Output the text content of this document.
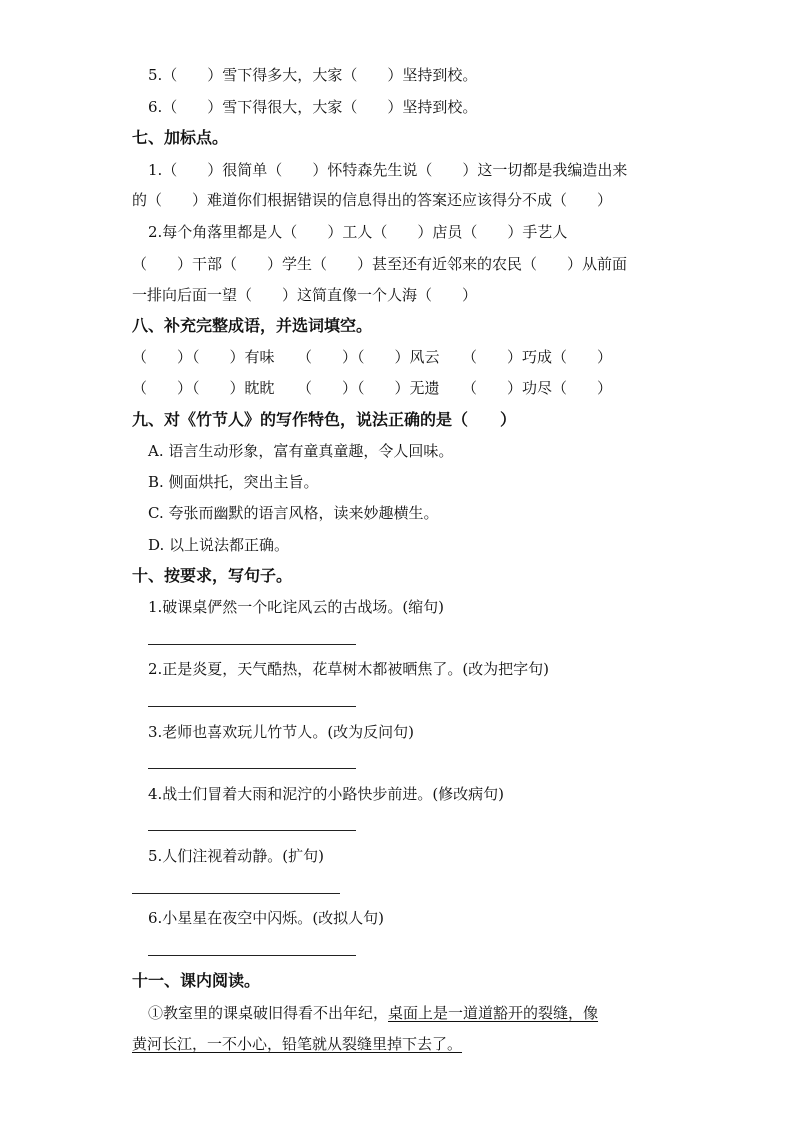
5.（　　）雪下得多大，大家（　　）坚持到校。
6.（　　）雪下得很大，大家（　　）坚持到校。
七、加标点。
1.（　　）很简单（　　）怀特森先生说（　　）这一切都是我编造出来
的（　　）难道你们根据错误的信息得出的答案还应该得分不成（　　）
2.每个角落里都是人（　　）工人（　　）店员（　　）手艺人
（　　）干部（　　）学生（　　）甚至还有近邻来的农民（　　）从前面
一排向后面一望（　　）这简直像一个人海（　　）
八、补充完整成语，并选词填空。
（　　）（　　）有味　　（　　）（　　）风云　　（　　）巧成（　　）
（　　）（　　）眈眈　　（　　）（　　）无遗　　（　　）功尽（　　）
九、对《竹节人》的写作特色，说法正确的是（　　）
A. 语言生动形象，富有童真童趣，令人回味。
B. 侧面烘托，突出主旨。
C. 夸张而幽默的语言风格，读来妙趣横生。
D. 以上说法都正确。
十、按要求，写句子。
1.破课桌俨然一个叱诧风云的古战场。(缩句)
2.正是炎夏，天气酷热，花草树木都被晒焦了。(改为把字句)
3.老师也喜欢玩儿竹节人。(改为反问句)
4.战士们冒着大雨和泥泞的小路快步前进。(修改病句)
5.人们注视着动静。(扩句)
6.小星星在夜空中闪烁。(改拟人句)
十一、课内阅读。
①教室里的课桌破旧得看不出年纪，桌面上是一道道豁开的裂缝，像
黄河长江，一不小心，铅笔就从裂缝里掉下去了。
